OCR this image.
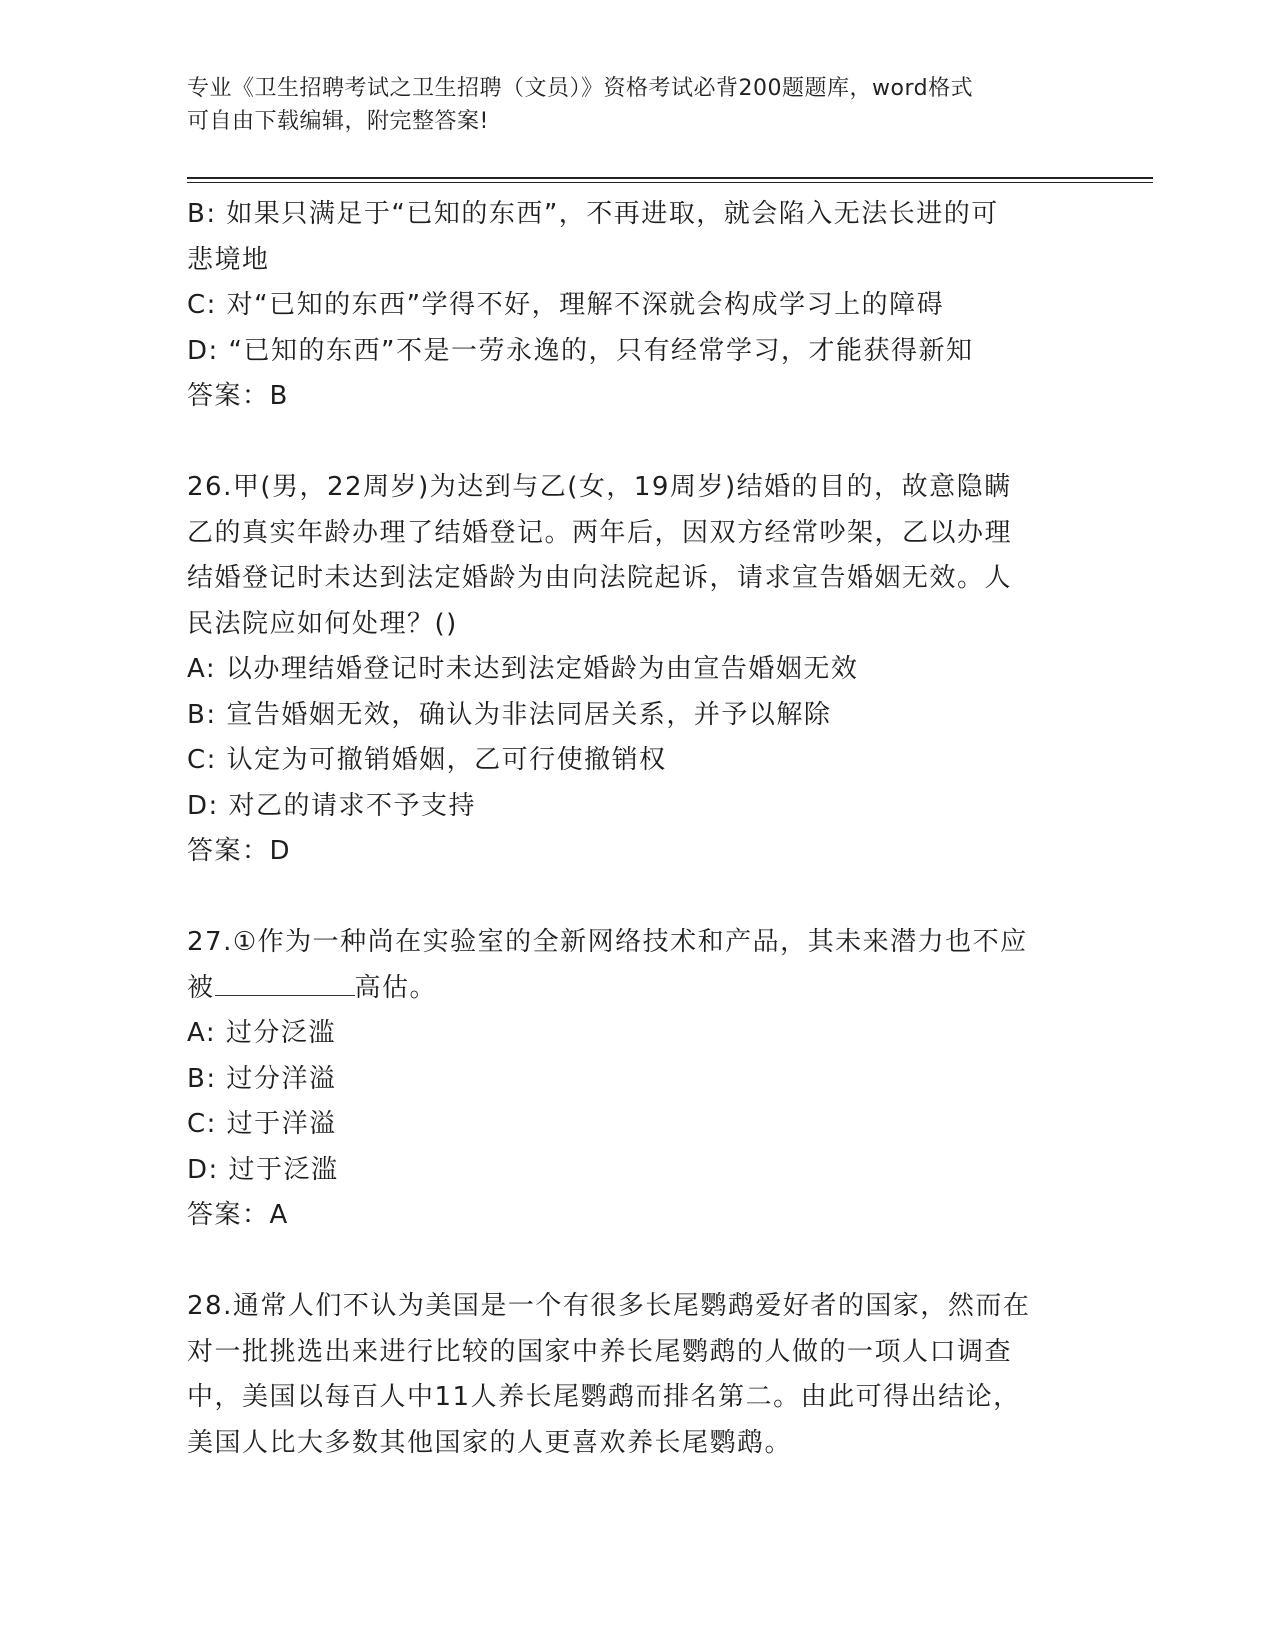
专业《卫生招聘考试之卫生招聘（文员）》资格考试必背200题题库，word格式
可自由下载编辑，附完整答案!
B: 如果只满足于“已知的东西”，不再进取，就会陷入无法长进的可
悲境地
C: 对“已知的东西”学得不好，理解不深就会构成学习上的障碍
D: “已知的东西”不是一劳永逸的，只有经常学习，才能获得新知
答案：B
26.甲(男，22周岁)为达到与乙(女，19周岁)结婚的目的，故意隐瞒
乙的真实年龄办理了结婚登记。两年后，因双方经常吵架，乙以办理
结婚登记时未达到法定婚龄为由向法院起诉，请求宣告婚姻无效。人
民法院应如何处理？()
A: 以办理结婚登记时未达到法定婚龄为由宣告婚姻无效
B: 宣告婚姻无效，确认为非法同居关系，并予以解除
C: 认定为可撤销婚姻，乙可行使撤销权
D: 对乙的请求不予支持
答案：D
27.①作为一种尚在实验室的全新网络技术和产品，其未来潜力也不应
被	高估。
A: 过分泛滥
B: 过分洋溢
C: 过于洋溢
D: 过于泛滥
答案：A
28.通常人们不认为美国是一个有很多长尾鹦鹉爱好者的国家，然而在
对一批挑选出来进行比较的国家中养长尾鹦鹉的人做的一项人口调查
中，美国以每百人中11人养长尾鹦鹉而排名第二。由此可得出结论，
美国人比大多数其他国家的人更喜欢养长尾鹦鹉。
